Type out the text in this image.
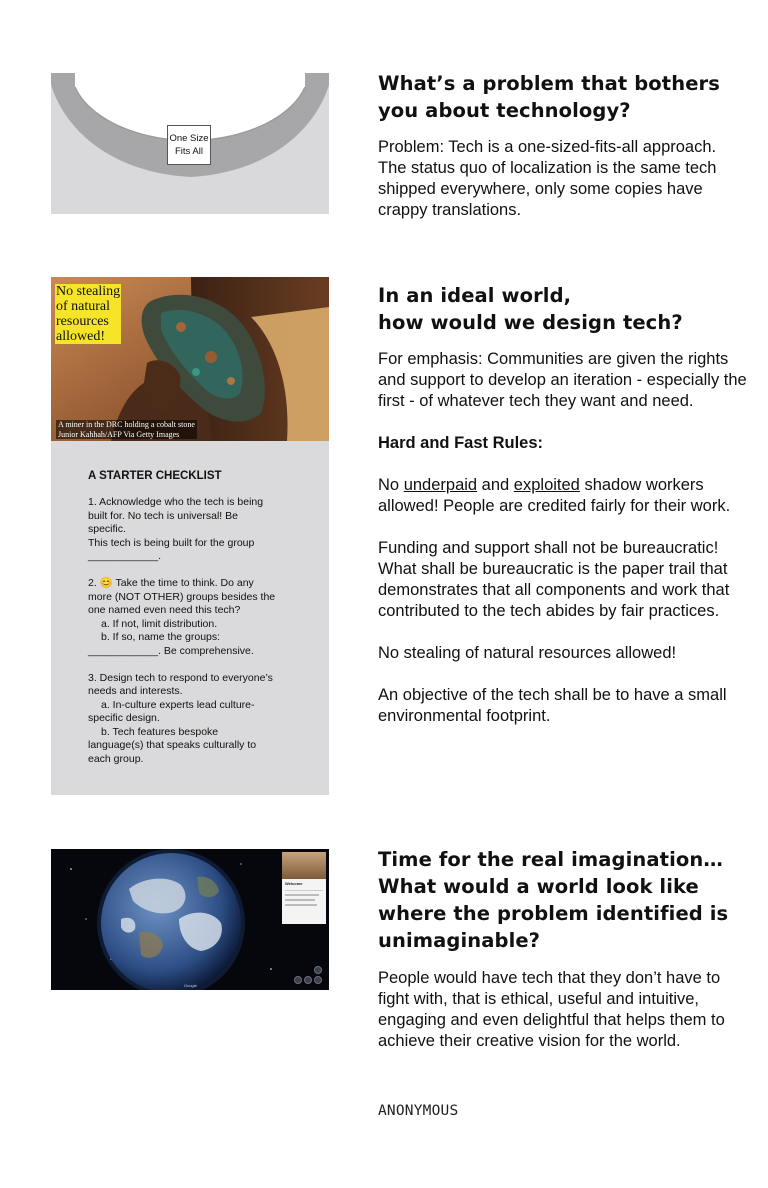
One Size
Fits All
What’s a problem that bothers
you about technology?

Problem: Tech is a one-sized-fits-all approach. The status quo of localization is the same tech shipped everywhere, only some copies have crappy translations.

No stealing
of natural
resources
allowed!
A miner in the DRC holding a cobalt stone
Junior Kahhah/AFP Via Getty Images
A STARTER CHECKLIST
1. Acknowledge who the tech is being
built for. No tech is universal! Be
specific.
This tech is being built for the group
____________.
2. 😊 Take the time to think. Do any
more (NOT OTHER) groups besides the
one named even need this tech?
a. If not, limit distribution.
b. If so, name the groups:
____________. Be comprehensive.
3. Design tech to respond to everyone’s
needs and interests.
a. In-culture experts lead culture-
specific design.
b. Tech features bespoke
language(s) that speaks culturally to
each group.
In an ideal world,
how would we design tech?

For emphasis: Communities are given the rights and support to develop an iteration - especially the first - of whatever tech they want and need.

Hard and Fast Rules:

No underpaid and exploited shadow workers allowed! People are credited fairly for their work.

Funding and support shall not be bureaucratic! What shall be bureaucratic is the paper trail that demonstrates that all components and work that contributed to the tech abides by fair practices.

No stealing of natural resources allowed!

An objective of the tech shall be to have a small environmental footprint.

Welcome
Google
Time for the real imagination…
What would a world look like
where the problem identified is
unimaginable?

People would have tech that they don’t have to fight with, that is ethical, useful and intuitive, engaging and even delightful that helps them to achieve their creative vision for the world.

ANONYMOUS
